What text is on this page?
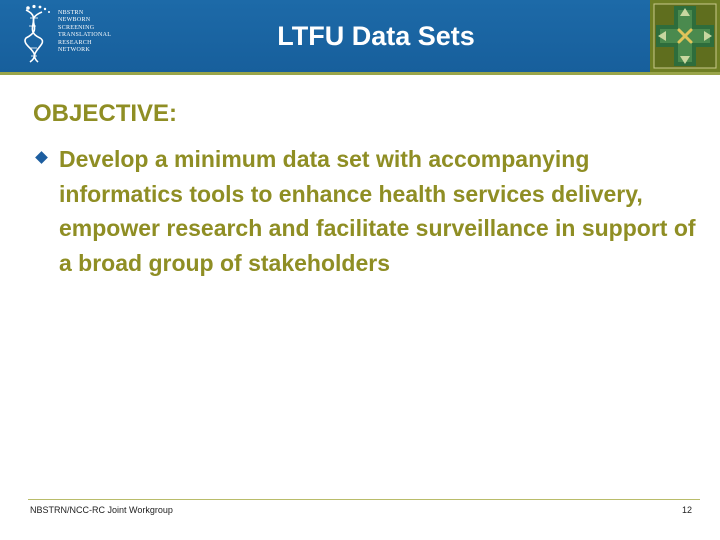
NBSTRN
NEWBORN
SCREENING
TRANSLATIONAL
RESEARCH
NETWORK	LTFU Data Sets
OBJECTIVE:
Develop a minimum data set with accompanying informatics tools to enhance health services delivery, empower research and facilitate surveillance in support of a broad group of stakeholders
NBSTRN/NCC-RC Joint Workgroup	12
